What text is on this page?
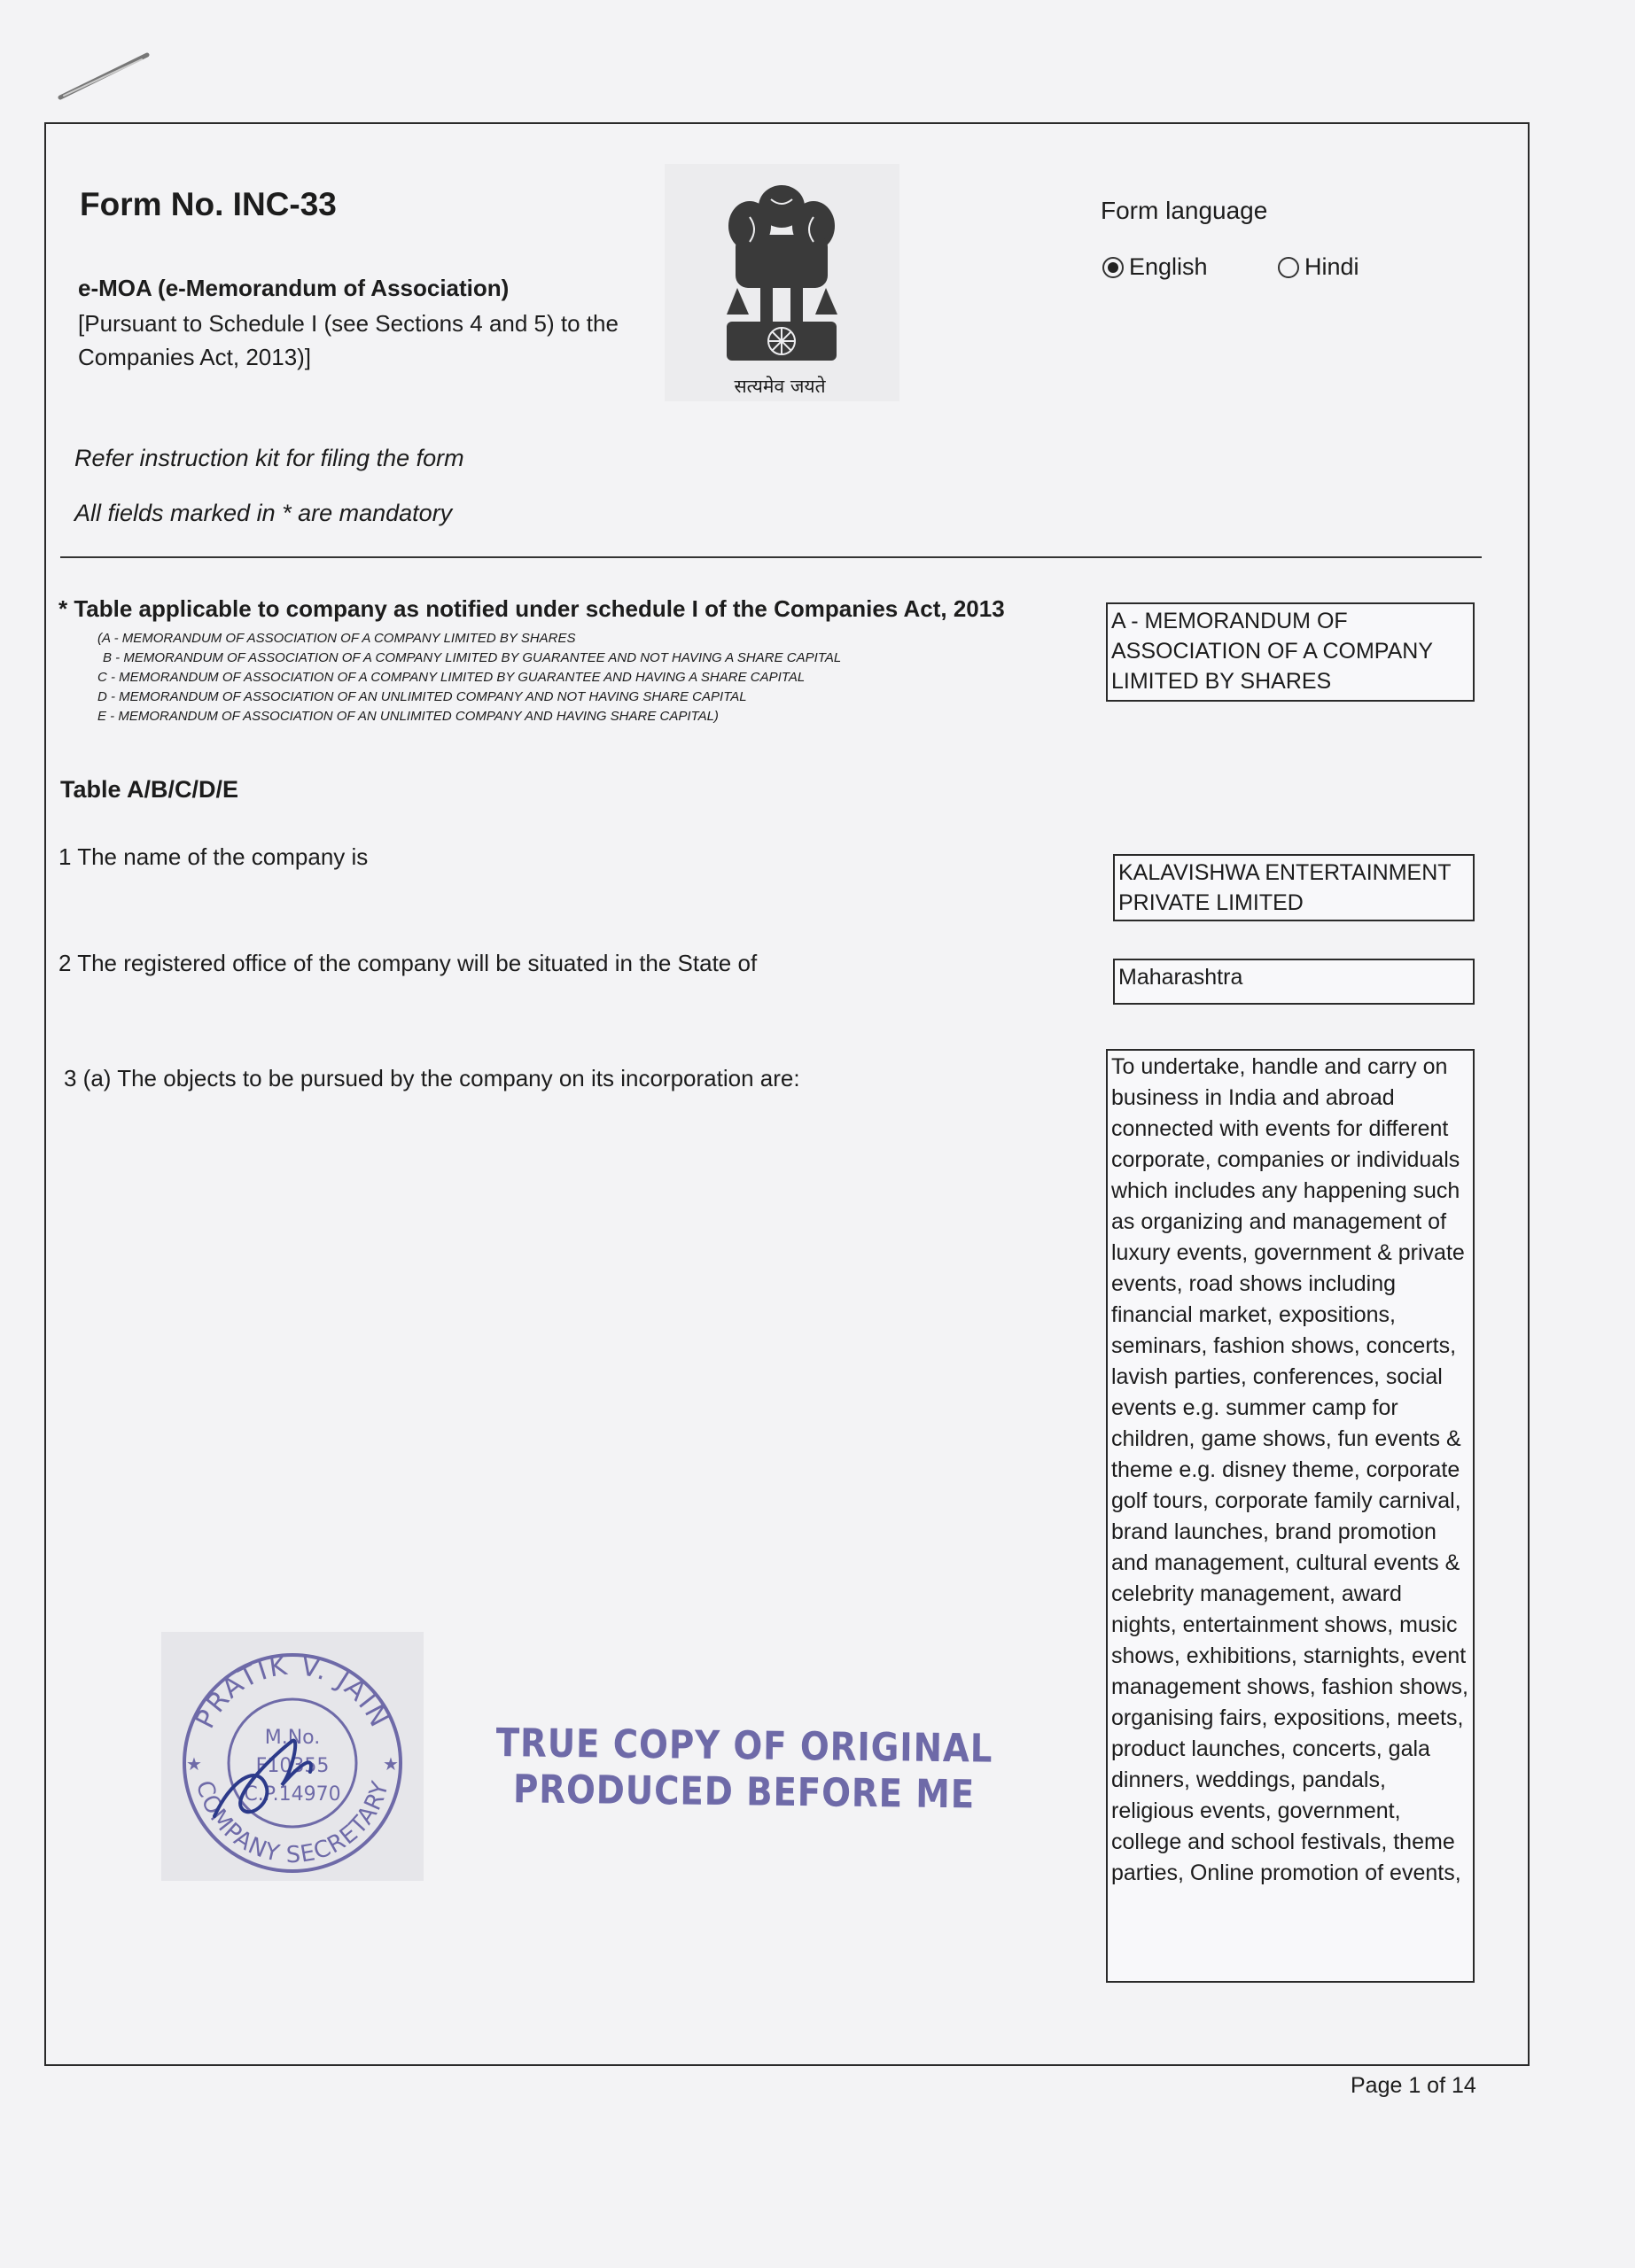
Form No. INC-33
e-MOA (e-Memorandum of Association)
[Pursuant to Schedule I (see Sections 4 and 5) to the Companies Act, 2013)]
सत्यमेव जयते
Form language
English	Hindi
Refer instruction kit for filing the form
All fields marked in * are mandatory
* Table applicable to company as notified under schedule I of the Companies Act, 2013
(A - MEMORANDUM OF ASSOCIATION OF A COMPANY LIMITED BY SHARES
B - MEMORANDUM OF ASSOCIATION OF A COMPANY LIMITED BY GUARANTEE AND NOT HAVING A SHARE CAPITAL
C - MEMORANDUM OF ASSOCIATION OF A COMPANY LIMITED BY GUARANTEE AND HAVING A SHARE CAPITAL
D - MEMORANDUM OF ASSOCIATION OF AN UNLIMITED COMPANY AND NOT HAVING SHARE CAPITAL
E - MEMORANDUM OF ASSOCIATION OF AN UNLIMITED COMPANY AND HAVING SHARE CAPITAL)
A - MEMORANDUM OF ASSOCIATION OF A COMPANY LIMITED BY SHARES
Table A/B/C/D/E
1 The name of the company is
KALAVISHWA ENTERTAINMENT PRIVATE LIMITED
2 The registered office of the company will be situated in the State of
Maharashtra
3 (a) The objects to be pursued by the company on its incorporation are:	To undertake, handle and carry on business in India and abroad connected with events for different corporate, companies or individuals which includes any happening such as organizing and management of luxury events, government & private events, road shows including financial market, expositions, seminars, fashion shows, concerts, lavish parties, conferences, social events e.g. summer camp for children, game shows, fun events & theme e.g. disney theme, corporate golf tours, corporate family carnival, brand launches, brand promotion and management, cultural events & celebrity management, award nights, entertainment shows, music shows, exhibitions, starnights, event management shows, fashion shows, organising fairs, expositions, meets, product launches, concerts, gala dinners, weddings, pandals, religious events, government, college and school festivals, theme parties, Online promotion of events,
PRATIK V. JAIN
COMPANY SECRETARY
M.No.
F10355
C.P.14970
★	★ TRUE COPY OF ORIGINAL
PRODUCED BEFORE ME
Page 1 of 14
